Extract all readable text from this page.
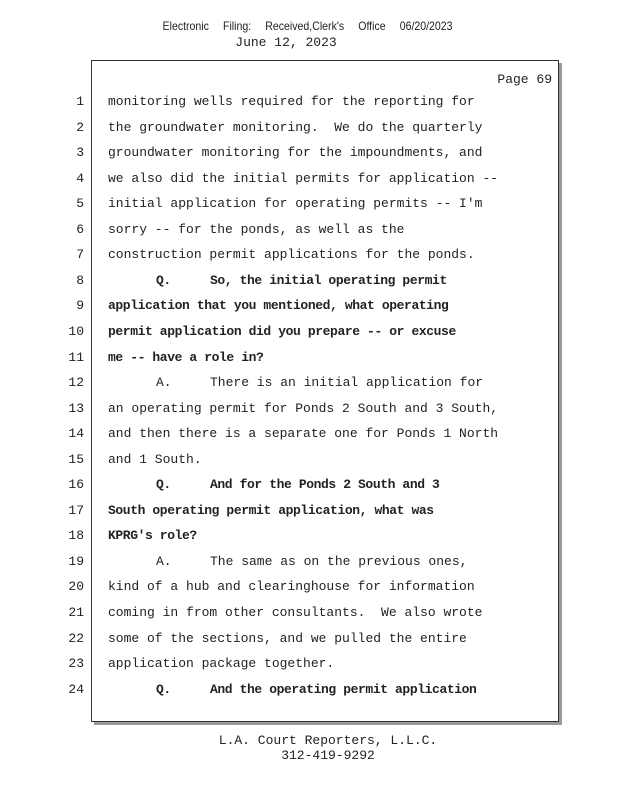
Electronic Filing: Received,Clerk's Office 06/20/2023
June 12, 2023
Page 69
1 monitoring wells required for the reporting for
2 the groundwater monitoring.  We do the quarterly
3 groundwater monitoring for the impoundments, and
4 we also did the initial permits for application --
5 initial application for operating permits -- I'm
6 sorry -- for the ponds, as well as the
7 construction permit applications for the ponds.
8	Q.	So, the initial operating permit
9 application that you mentioned, what operating
10 permit application did you prepare -- or excuse
11 me -- have a role in?
12	A.	There is an initial application for
13 an operating permit for Ponds 2 South and 3 South,
14 and then there is a separate one for Ponds 1 North
15 and 1 South.
16	Q.	And for the Ponds 2 South and 3
17 South operating permit application, what was
18 KPRG's role?
19	A.	The same as on the previous ones,
20 kind of a hub and clearinghouse for information
21 coming in from other consultants.  We also wrote
22 some of the sections, and we pulled the entire
23 application package together.
24	Q.	And the operating permit application
L.A. Court Reporters, L.L.C.
312-419-9292
